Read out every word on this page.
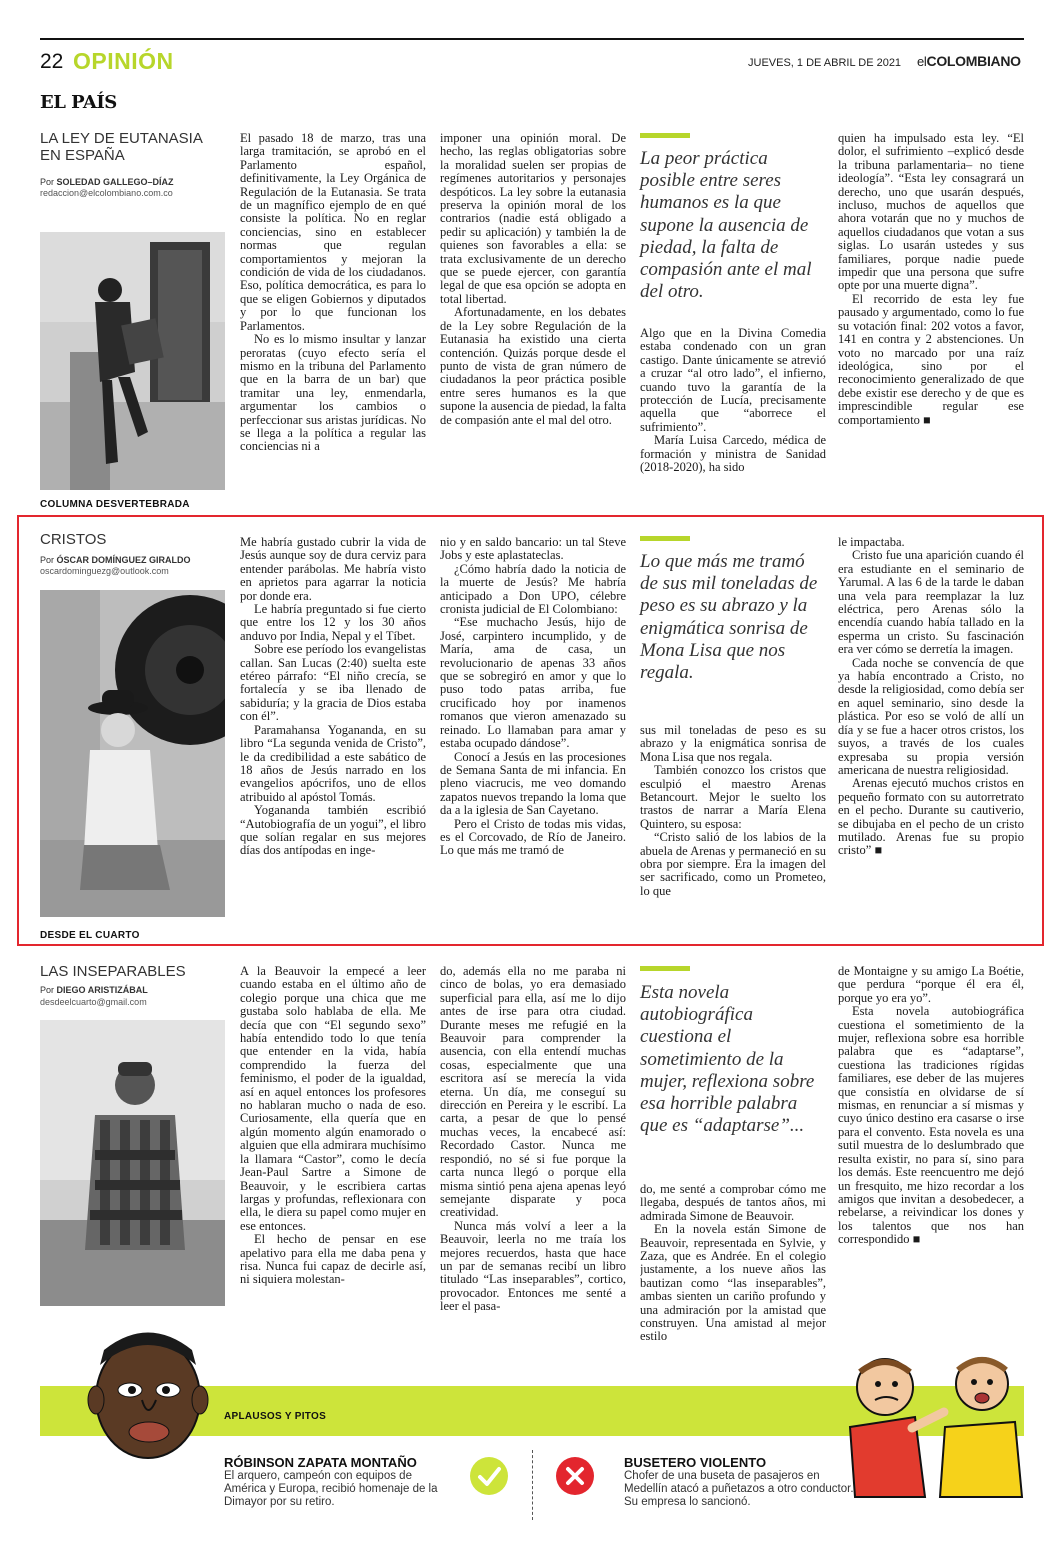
22 OPINIÓN	JUEVES, 1 DE ABRIL DE 2021 elCOLOMBIANO
EL PAÍS
LA LEY DE EUTANASIA EN ESPAÑA
Por SOLEDAD GALLEGO–DÍAZ
redaccion@elcolombiano.com.co
COLUMNA DESVERTEBRADA

El pasado 18 de marzo, tras una larga tramitación, se aprobó en el Parlamento español, definitivamente, la Ley Orgánica de Regulación de la Eutanasia. Se trata de un magnífico ejemplo de en qué consiste la política. No en reglar conciencias, sino en establecer normas que regulan comportamientos y mejoran la condición de vida de los ciudadanos. Eso, política democrática, es para lo que se eligen Gobiernos y diputados y por lo que funcionan los Parlamentos.

No es lo mismo insultar y lanzar peroratas (cuyo efecto sería el mismo en la tribuna del Parlamento que en la barra de un bar) que tramitar una ley, enmendarla, argumentar los cambios o perfeccionar sus aristas jurídicas. No se llega a la política a regular las conciencias ni a

imponer una opinión moral. De hecho, las reglas obligatorias sobre la moralidad suelen ser propias de regímenes autoritarios y personajes despóticos. La ley sobre la eutanasia preserva la opinión moral de los contrarios (nadie está obligado a pedir su aplicación) y también la de quienes son favorables a ella: se trata exclusivamente de un derecho que se puede ejercer, con garantía legal de que esa opción se adopta en total libertad.

Afortunadamente, en los debates de la Ley sobre Regulación de la Eutanasia ha existido una cierta contención. Quizás porque desde el punto de vista de gran número de ciudadanos la peor práctica posible entre seres humanos es la que supone la ausencia de piedad, la falta de compasión ante el mal del otro.

La peor práctica posible entre seres humanos es la que supone la ausencia de piedad, la falta de compasión ante el mal del otro.

Algo que en la Divina Comedia estaba condenado con un gran castigo. Dante únicamente se atrevió a cruzar “al otro lado”, el infierno, cuando tuvo la garantía de la protección de Lucía, precisamente aquella que “aborrece el sufrimiento”.

María Luisa Carcedo, médica de formación y ministra de Sanidad (2018-2020), ha sido

quien ha impulsado esta ley. “El dolor, el sufrimiento –explicó desde la tribuna parlamentaria– no tiene ideología”. “Esta ley consagrará un derecho, uno que usarán después, incluso, muchos de aquellos que ahora votarán que no y muchos de aquellos ciudadanos que votan a sus siglas. Lo usarán ustedes y sus familiares, porque nadie puede impedir que una persona que sufre opte por una muerte digna”.

El recorrido de esta ley fue pausado y argumentado, como lo fue su votación final: 202 votos a favor, 141 en contra y 2 abstenciones. Un voto no marcado por una raíz ideológica, sino por el reconocimiento generalizado de que debe existir ese derecho y de que es imprescindible regular ese comportamiento ■

CRISTOS
Por ÓSCAR DOMÍNGUEZ GIRALDO
oscardominguezg@outlook.com
DESDE EL CUARTO

Me habría gustado cubrir la vida de Jesús aunque soy de dura cerviz para entender parábolas. Me habría visto en aprietos para agarrar la noticia por donde era.

Le habría preguntado si fue cierto que entre los 12 y los 30 años anduvo por India, Nepal y el Tíbet.

Sobre ese período los evangelistas callan. San Lucas (2:40) suelta este etéreo párrafo: “El niño crecía, se fortalecía y se iba llenado de sabiduría; y la gracia de Dios estaba con él”.

Paramahansa Yogananda, en su libro “La segunda venida de Cristo”, le da credibilidad a este sabático de 18 años de Jesús narrado en los evangelios apócrifos, uno de ellos atribuido al apóstol Tomás.

Yogananda también escribió “Autobiografía de un yogui”, el libro que solían regalar en sus mejores días dos antípodas en inge-

nio y en saldo bancario: un tal Steve Jobs y este aplastateclas.

¿Cómo habría dado la noticia de la muerte de Jesús? Me habría anticipado a Don UPO, célebre cronista judicial de El Colombiano:

“Ese muchacho Jesús, hijo de José, carpintero incumplido, y de María, ama de casa, un revolucionario de apenas 33 años que se sobregiró en amor y que lo puso todo patas arriba, fue crucificado hoy por inamenos romanos que vieron amenazado su reinado. Lo llamaban para amar y estaba ocupado dándose”.

Conocí a Jesús en las procesiones de Semana Santa de mi infancia. En pleno viacrucis, me veo domando zapatos nuevos trepando la loma que da a la iglesia de San Cayetano.

Pero el Cristo de todas mis vidas, es el Corcovado, de Río de Janeiro. Lo que más me tramó de

Lo que más me tramó de sus mil toneladas de peso es su abrazo y la enigmática sonrisa de Mona Lisa que nos regala.

sus mil toneladas de peso es su abrazo y la enigmática sonrisa de Mona Lisa que nos regala.

También conozco los cristos que esculpió el maestro Arenas Betancourt. Mejor le suelto los trastos de narrar a María Elena Quintero, su esposa:

“Cristo salió de los labios de la abuela de Arenas y permaneció en su obra por siempre. Era la imagen del ser sacrificado, como un Prometeo, lo que

le impactaba.

Cristo fue una aparición cuando él era estudiante en el seminario de Yarumal. A las 6 de la tarde le daban una vela para reemplazar la luz eléctrica, pero Arenas sólo la encendía cuando había tallado en la esperma un cristo. Su fascinación era ver cómo se derretía la imagen.

Cada noche se convencía de que ya había encontrado a Cristo, no desde la religiosidad, como debía ser en aquel seminario, sino desde la plástica. Por eso se voló de allí un día y se fue a hacer otros cristos, los suyos, a través de los cuales expresaba su propia versión americana de nuestra religiosidad.

Arenas ejecutó muchos cristos en pequeño formato con su autorretrato en el pecho. Durante su cautiverio, se dibujaba en el pecho de un cristo mutilado. Arenas fue su propio cristo” ■

LAS INSEPARABLES
Por DIEGO ARISTIZÁBAL
desdeelcuarto@gmail.com

A la Beauvoir la empecé a leer cuando estaba en el último año de colegio porque una chica que me gustaba solo hablaba de ella. Me decía que con “El segundo sexo” había entendido todo lo que tenía que entender en la vida, había comprendido la fuerza del feminismo, el poder de la igualdad, así en aquel entonces los profesores no hablaran mucho o nada de eso. Curiosamente, ella quería que en algún momento algún enamorado o alguien que ella admirara muchísimo la llamara “Castor”, como le decía Jean-Paul Sartre a Simone de Beauvoir, y le escribiera cartas largas y profundas, reflexionara con ella, le diera su papel como mujer en ese entonces.

El hecho de pensar en ese apelativo para ella me daba pena y risa. Nunca fui capaz de decirle así, ni siquiera molestan-

do, además ella no me paraba ni cinco de bolas, yo era demasiado superficial para ella, así me lo dijo antes de irse para otra ciudad. Durante meses me refugié en la Beauvoir para comprender la ausencia, con ella entendí muchas cosas, especialmente que una escritora así se merecía la vida eterna. Un día, me conseguí su dirección en Pereira y le escribí. La carta, a pesar de que lo pensé muchas veces, la encabecé así: Recordado Castor. Nunca me respondió, no sé si fue porque la carta nunca llegó o porque ella misma sintió pena ajena apenas leyó semejante disparate y poca creatividad.

Nunca más volví a leer a la Beauvoir, leerla no me traía los mejores recuerdos, hasta que hace un par de semanas recibí un libro titulado “Las inseparables”, cortico, provocador. Entonces me senté a leer el pasa-

Esta novela autobiográfica cuestiona el sometimiento de la mujer, reflexiona sobre esa horrible palabra que es “adaptarse”...

do, me senté a comprobar cómo me llegaba, después de tantos años, mi admirada Simone de Beauvoir.

En la novela están Simone de Beauvoir, representada en Sylvie, y Zaza, que es Andrée. En el colegio justamente, a los nueve años las bautizan como “las inseparables”, ambas sienten un cariño profundo y una admiración por la amistad que construyen. Una amistad al mejor estilo

de Montaigne y su amigo La Boétie, que perdura “porque él era él, porque yo era yo”.

Esta novela autobiográfica cuestiona el sometimiento de la mujer, reflexiona sobre esa horrible palabra que es “adaptarse”, cuestiona las tradiciones rígidas familiares, ese deber de las mujeres que consistía en olvidarse de sí mismas, en renunciar a sí mismas y cuyo único destino era casarse o irse para el convento. Esta novela es una sutil muestra de lo deslumbrado que resulta existir, no para sí, sino para los demás. Este reencuentro me dejó un fresquito, me hizo recordar a los amigos que invitan a desobedecer, a rebelarse, a reivindicar los dones y los talentos que nos han correspondido ■

APLAUSOS Y PITOS
RÓBINSON ZAPATA MONTAÑO
El arquero, campeón con equipos de América y Europa, recibió homenaje de la Dimayor por su retiro.
BUSETERO VIOLENTO
Chofer de una buseta de pasajeros en Medellín atacó a puñetazos a otro conductor. Su empresa lo sancionó.
